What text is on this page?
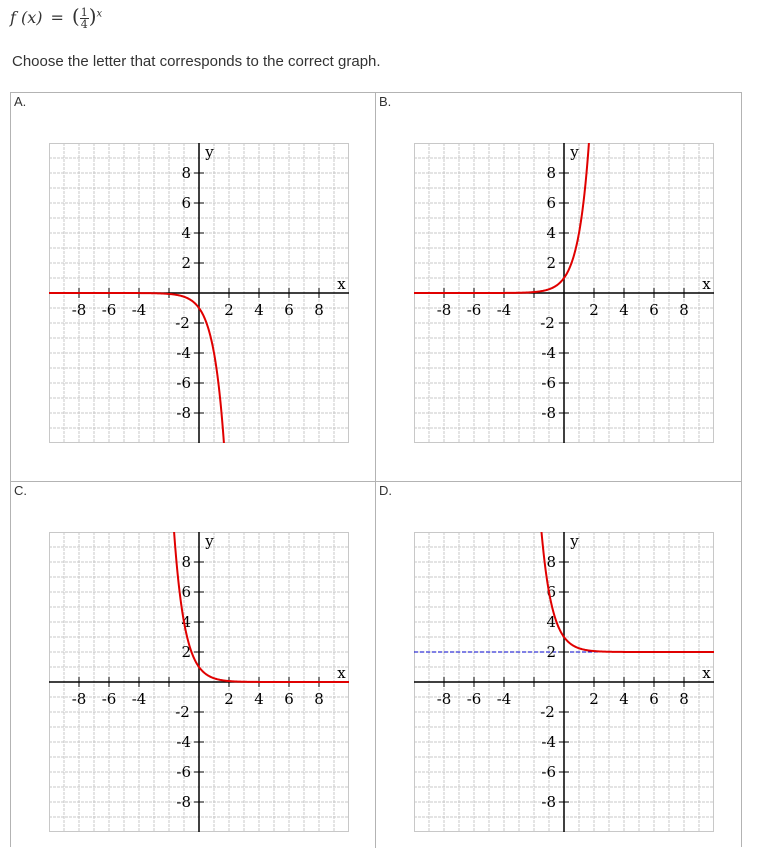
f (x) = ( $\frac{1}{4} )^x$
Choose the letter that corresponds to the correct graph.
A.
y
x
-8 -6 -4	2 4 6 8
8
6
4
2
-2
-4
-6
-8
B.
y
x
-8 -6 -4	2 4 6 8
8
6
4
2
-2
-4
-6
-8
C.
y
x
-8 -6 -4	2 4 6 8
8
6
4
2
-2
-4
-6
-8
D.
y
x
-8 -6 -4	2 4 6 8
8
6
4
2
-2
-4
-6
-8
